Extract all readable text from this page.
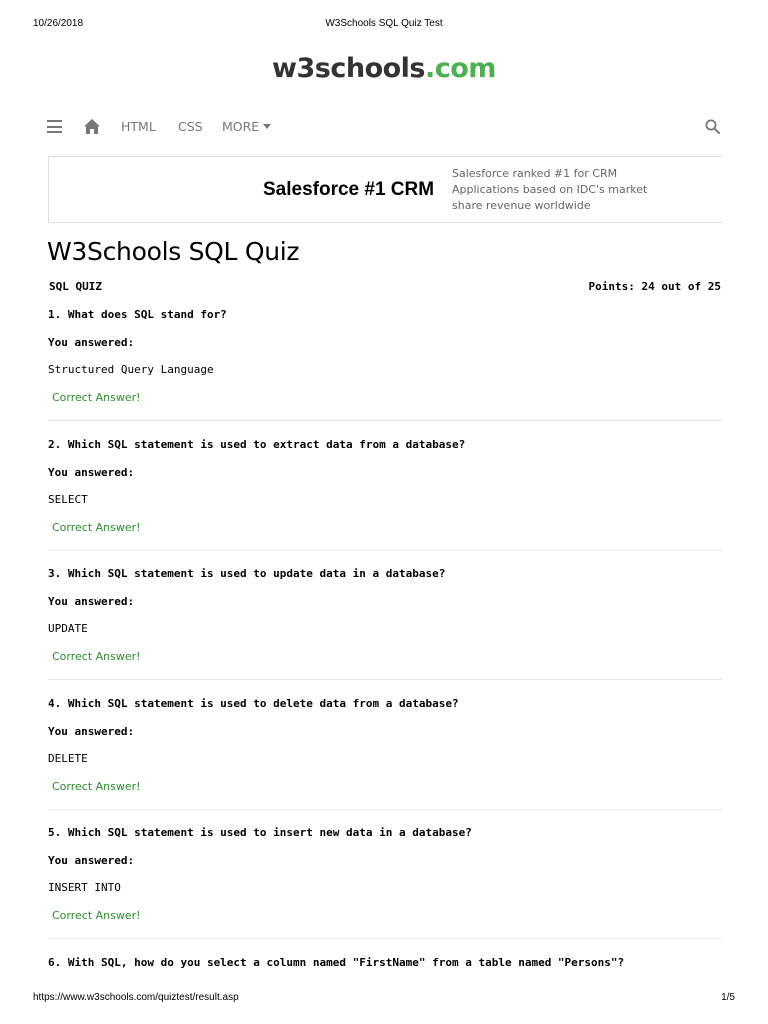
10/26/2018	W3Schools SQL Quiz Test
w3schools.com
HTML CSS MORE
Salesforce #1 CRM
Salesforce ranked #1 for CRM Applications based on IDC's market share revenue worldwide
W3Schools SQL Quiz
SQL QUIZ	Points: 24 out of 25
1. What does SQL stand for?
You answered:
Structured Query Language
Correct Answer!
2. Which SQL statement is used to extract data from a database?
You answered:
SELECT
Correct Answer!
3. Which SQL statement is used to update data in a database?
You answered:
UPDATE
Correct Answer!
4. Which SQL statement is used to delete data from a database?
You answered:
DELETE
Correct Answer!
5. Which SQL statement is used to insert new data in a database?
You answered:
INSERT INTO
Correct Answer!
6. With SQL, how do you select a column named "FirstName" from a table named "Persons"?
https://www.w3schools.com/quiztest/result.asp	1/5
